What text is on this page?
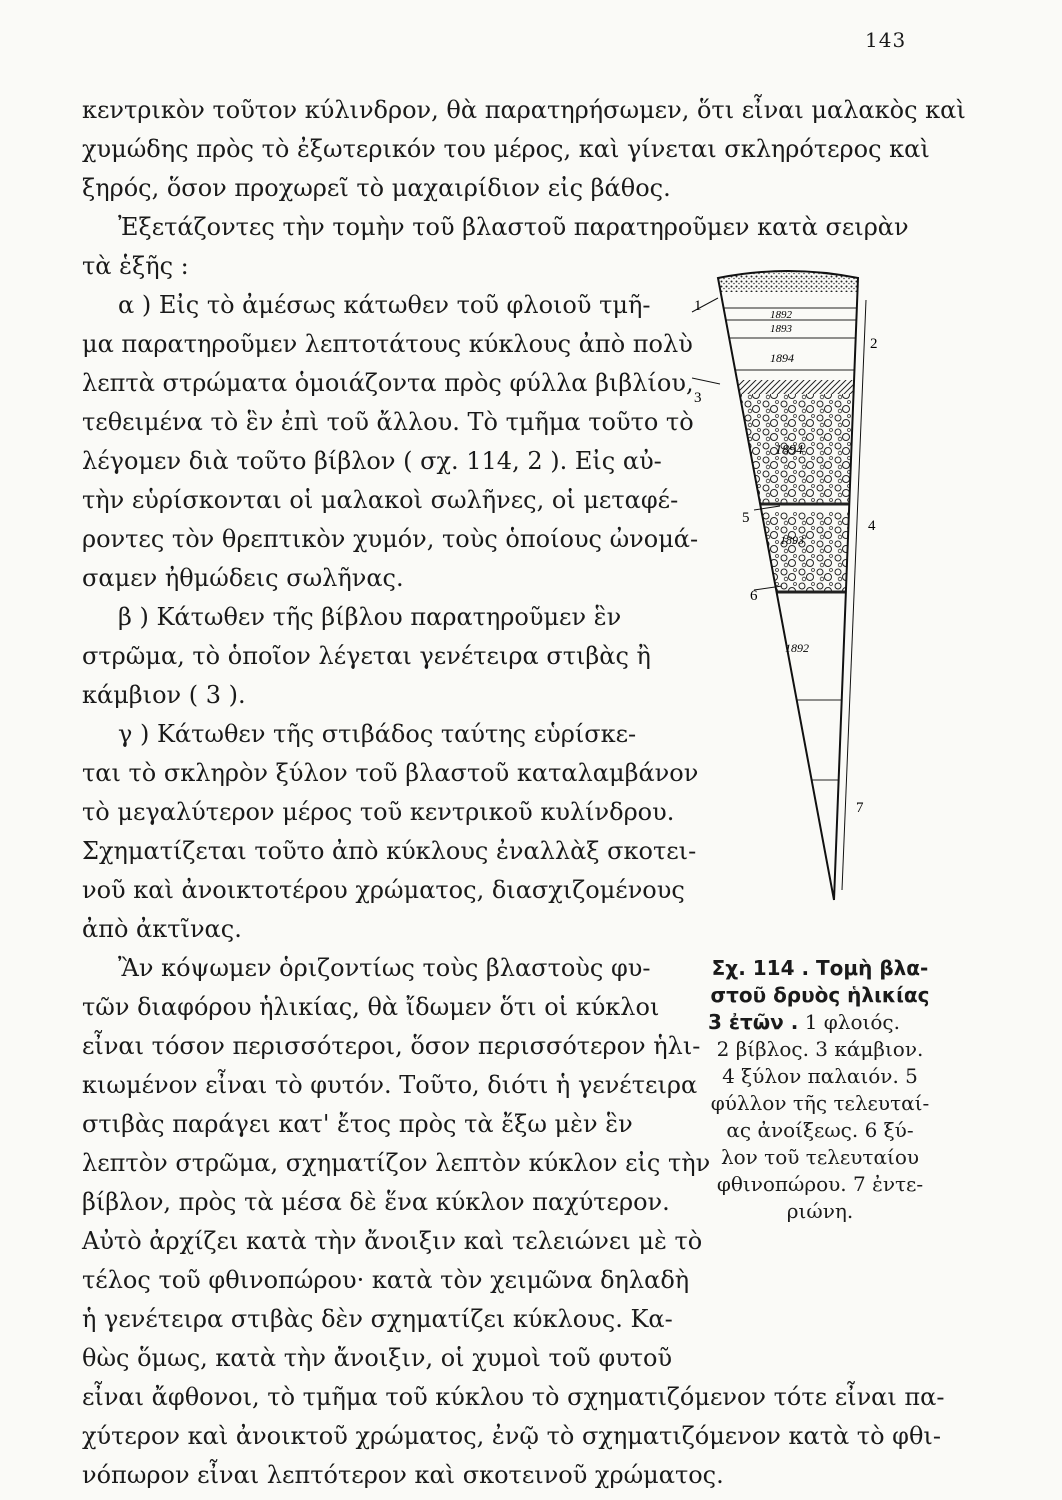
143
κεντρικὸν τοῦτον κύλινδρον, θὰ παρατηρήσωμεν, ὅτι εἶναι μαλακὸς καὶ
χυμώδης πρὸς τὸ ἐξωτερικόν του μέρος, καὶ γίνεται σκληρότερος καὶ
ξηρός, ὅσον προχωρεῖ τὸ μαχαιρίδιον εἰς βάθος.
Ἐξετάζοντες τὴν τομὴν τοῦ βλαστοῦ παρατηροῦμεν κατὰ σειρὰν
τὰ ἑξῆς :
α ) Εἰς τὸ ἀμέσως κάτωθεν τοῦ φλοιοῦ τμῆ-
μα παρατηροῦμεν λεπτοτάτους κύκλους ἀπὸ πολὺ
λεπτὰ στρώματα ὁμοιάζοντα πρὸς φύλλα βιβλίου,
τεθειμένα τὸ ἓν ἐπὶ τοῦ ἄλλου. Τὸ τμῆμα τοῦτο τὸ
λέγομεν διὰ τοῦτο βίβλον ( σχ. 114, 2 ). Εἰς αὐ-
τὴν εὑρίσκονται οἱ μαλακοὶ σωλῆνες, οἱ μεταφέ-
ροντες τὸν θρεπτικὸν χυμόν, τοὺς ὁποίους ὠνομά-
σαμεν ἠθμώδεις σωλῆνας.
β ) Κάτωθεν τῆς βίβλου παρατηροῦμεν ἓν
στρῶμα, τὸ ὁποῖον λέγεται γενέτειρα στιβὰς ἢ
κάμβιον ( 3 ).
γ ) Κάτωθεν τῆς στιβάδος ταύτης εὑρίσκε-
ται τὸ σκληρὸν ξύλον τοῦ βλαστοῦ καταλαμβάνον
τὸ μεγαλύτερον μέρος τοῦ κεντρικοῦ κυλίνδρου.
Σχηματίζεται τοῦτο ἀπὸ κύκλους ἐναλλὰξ σκοτει-
νοῦ καὶ ἀνοικτοτέρου χρώματος, διασχιζομένους
ἀπὸ ἀκτῖνας.
Ἂν κόψωμεν ὁριζοντίως τοὺς βλαστοὺς φυ-
τῶν διαφόρου ἡλικίας, θὰ ἴδωμεν ὅτι οἱ κύκλοι
εἶναι τόσον περισσότεροι, ὅσον περισσότερον ἡλι-
κιωμένον εἶναι τὸ φυτόν. Τοῦτο, διότι ἡ γενέτειρα
στιβὰς παράγει κατ' ἔτος πρὸς τὰ ἔξω μὲν ἓν
λεπτὸν στρῶμα, σχηματίζον λεπτὸν κύκλον εἰς τὴν
βίβλον, πρὸς τὰ μέσα δὲ ἕνα κύκλον παχύτερον.
Αὐτὸ ἀρχίζει κατὰ τὴν ἄνοιξιν καὶ τελειώνει μὲ τὸ
τέλος τοῦ φθινοπώρου· κατὰ τὸν χειμῶνα δηλαδὴ
ἡ γενέτειρα στιβὰς δὲν σχηματίζει κύκλους. Κα-
θὼς ὅμως, κατὰ τὴν ἄνοιξιν, οἱ χυμοὶ τοῦ φυτοῦ
εἶναι ἄφθονοι, τὸ τμῆμα τοῦ κύκλου τὸ σχηματιζόμενον τότε εἶναι πα-
χύτερον καὶ ἀνοικτοῦ χρώματος, ἐνῷ τὸ σχηματιζόμενον κατὰ τὸ φθι-
νόπωρον εἶναι λεπτότερον καὶ σκοτεινοῦ χρώματος.
1892
1893
1894
1894
1893
1892
1
2
3
4
5
6
7
Σχ. 114 . Τομὴ βλα-
στοῦ δρυὸς ἡλικίας
3 ἐτῶν . 1 φλοιός.
2 βίβλος. 3 κάμβιον.
4 ξύλον παλαιόν. 5
φύλλον τῆς τελευταί-
ας ἀνοίξεως. 6 ξύ-
λον τοῦ τελευταίου
φθινοπώρου. 7 ἐντε-
ριώνη.
